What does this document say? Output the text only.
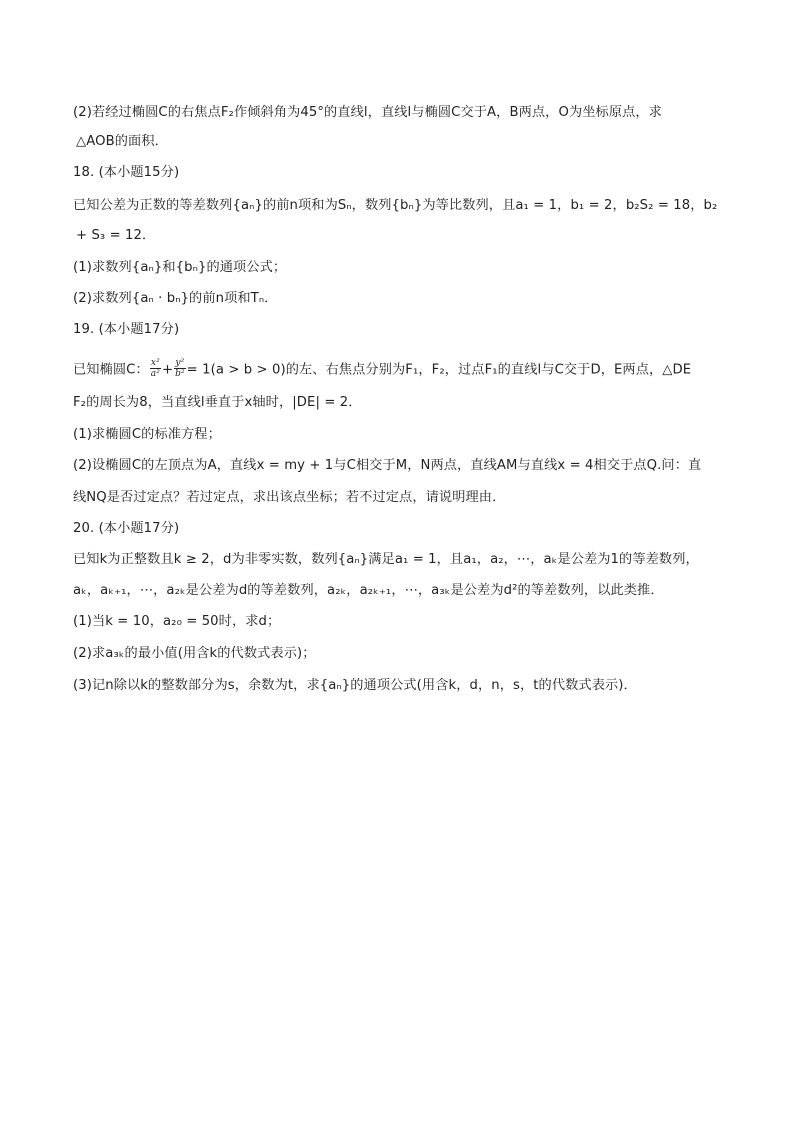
(2)若经过椭圆C的右焦点F₂作倾斜角为45°的直线l，直线l与椭圆C交于A，B两点，O为坐标原点，求
△AOB的面积．
18. (本小题15分)
已知公差为正数的等差数列{aₙ}的前n项和为Sₙ，数列{bₙ}为等比数列，且a₁ = 1，b₁ = 2，b₂S₂ = 18，b₂
+ S₃ = 12．
(1)求数列{aₙ}和{bₙ}的通项公式；
(2)求数列{aₙ · bₙ}的前n项和Tₙ．
19. (本小题17分)
已知椭圆C： $\frac{\text{x²}}{\text{a²}} + \frac{\text{y²}}{\text{b²}} = 1(a > b > 0)$的左、右焦点分别为F₁，F₂，过点F₁的直线l与C交于D，E两点，△DE
F₂的周长为8，当直线l垂直于x轴时，|DE| = 2．
(1)求椭圆C的标准方程；
(2)设椭圆C的左顶点为A，直线x = my + 1与C相交于M，N两点，直线AM与直线x = 4相交于点Q.问：直
线NQ是否过定点？若过定点，求出该点坐标；若不过定点，请说明理由．
20. (本小题17分)
已知k为正整数且k ≥ 2，d为非零实数，数列{aₙ}满足a₁ = 1，且a₁，a₂，⋯，aₖ是公差为1的等差数列，
aₖ，aₖ₊₁，⋯，a₂ₖ是公差为d的等差数列，a₂ₖ，a₂ₖ₊₁，⋯，a₃ₖ是公差为d²的等差数列，以此类推．
(1)当k = 10，a₂₀ = 50时，求d；
(2)求a₃ₖ的最小值(用含k的代数式表示)；
(3)记n除以k的整数部分为s，余数为t，求{aₙ}的通项公式(用含k，d，n，s，t的代数式表示)．
